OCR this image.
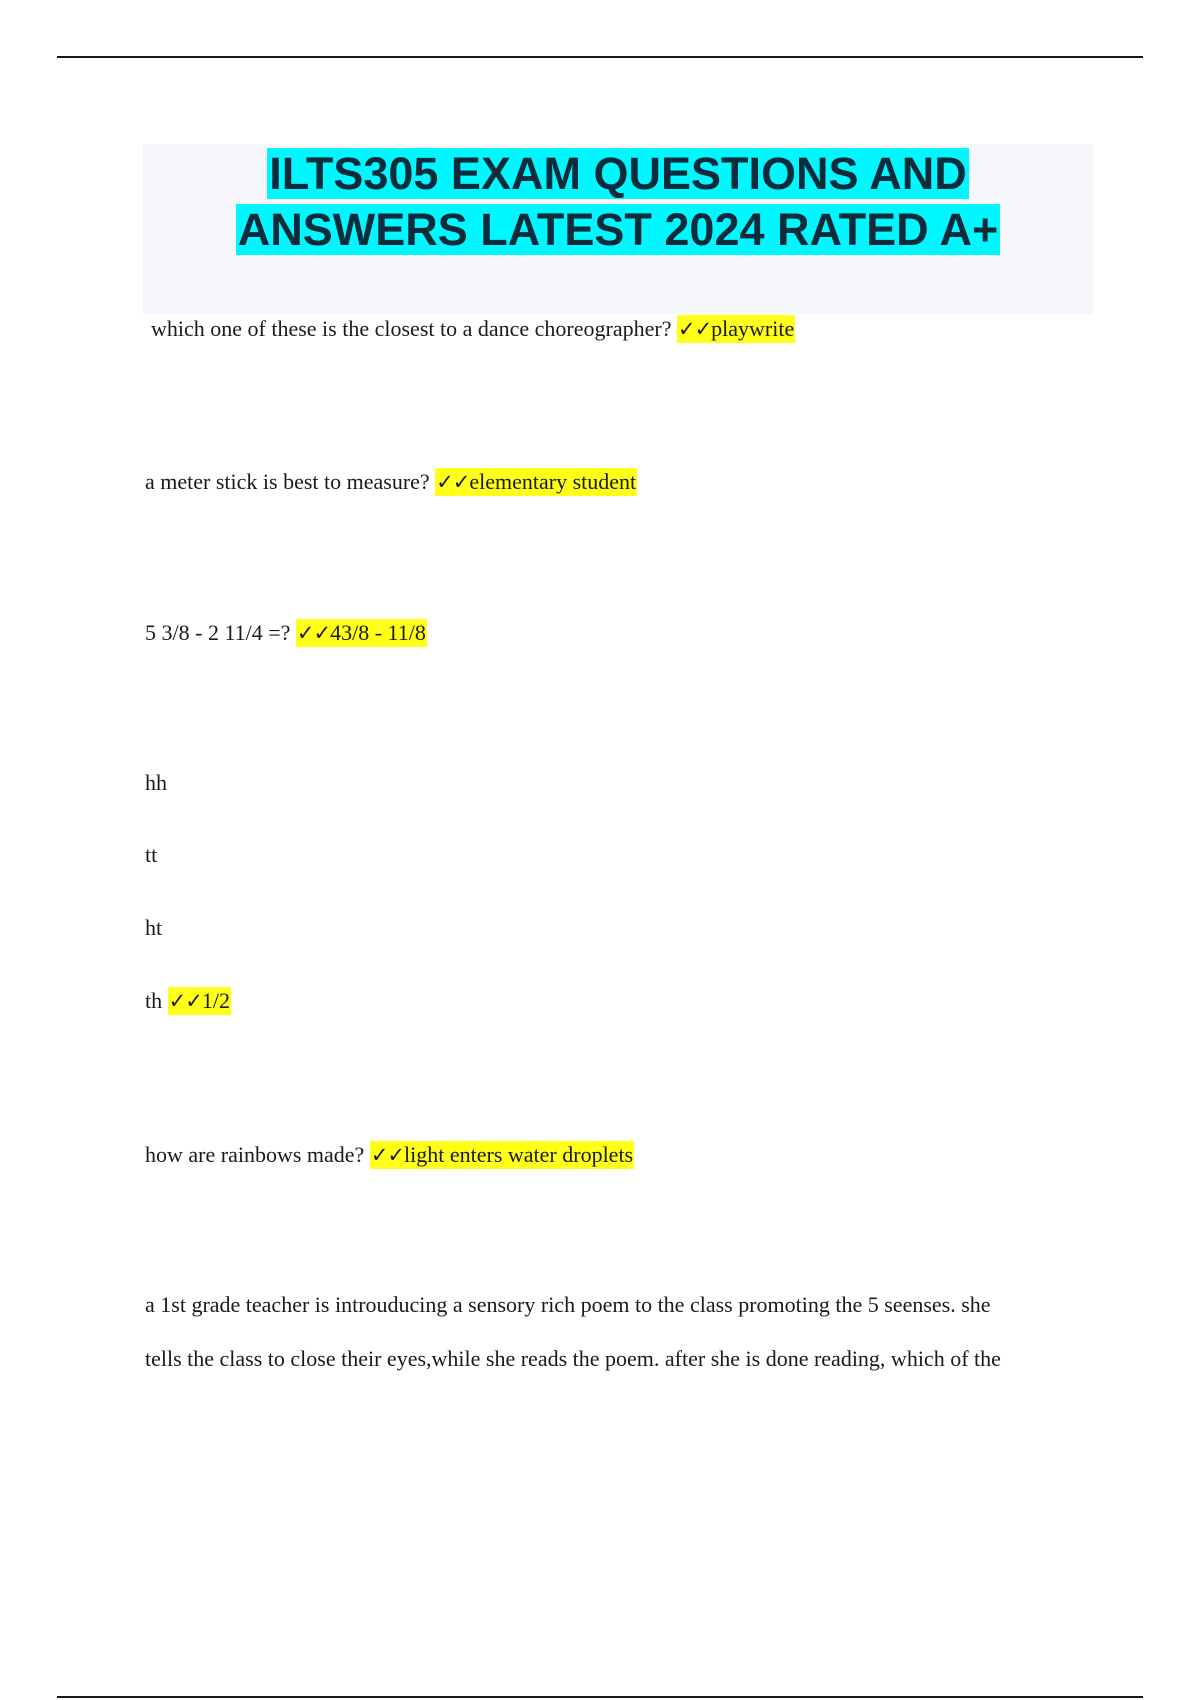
ILTS305 EXAM QUESTIONS AND
ANSWERS LATEST 2024 RATED A+
which one of these is the closest to a dance choreographer? ✓✓playwrite
a meter stick is best to measure? ✓✓elementary student
5 3/8 - 2 11/4 =? ✓✓43/8 - 11/8
hh
tt
ht
th ✓✓1/2
how are rainbows made? ✓✓light enters water droplets
a 1st grade teacher is introuducing a sensory rich poem to the class promoting the 5 seenses. she
tells the class to close their eyes,while she reads the poem. after she is done reading, which of the
